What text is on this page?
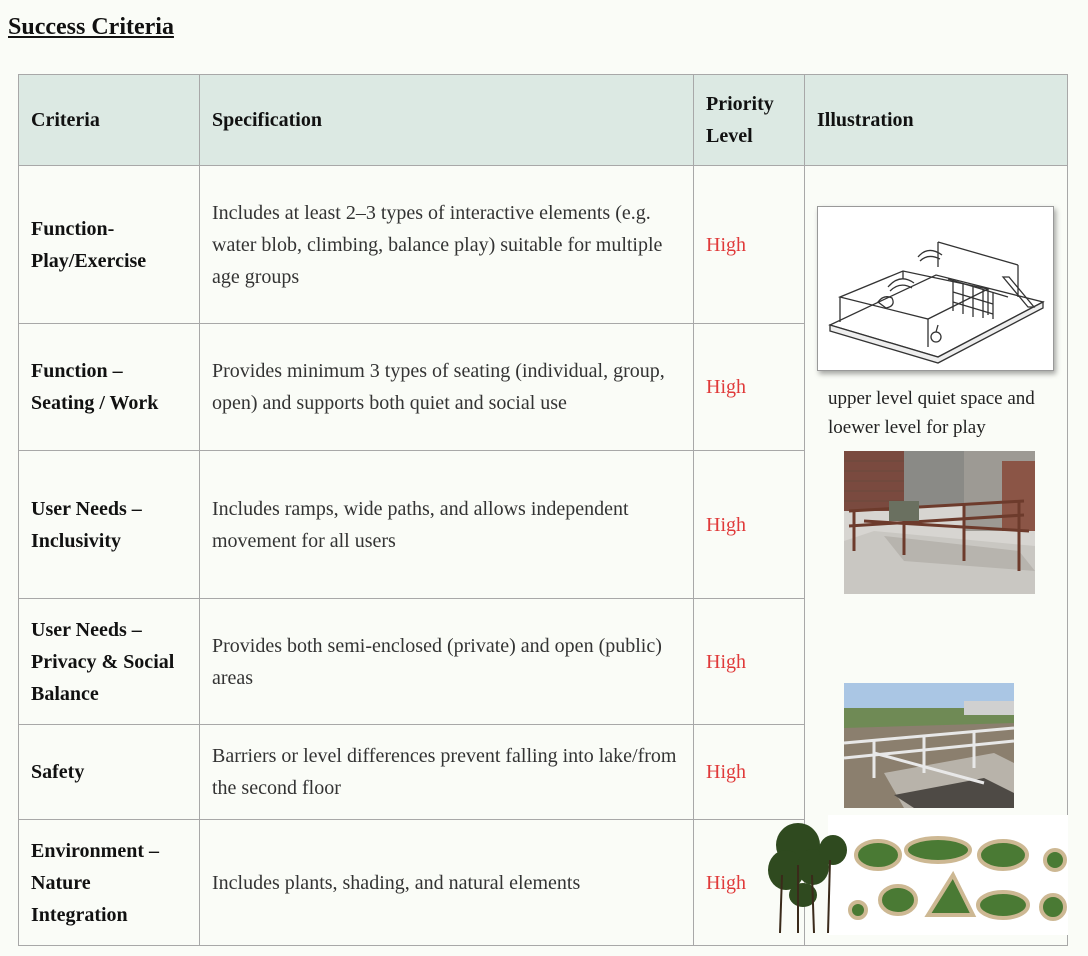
Success Criteria
Criteria	Specification	Priority Level	Illustration
Function- Play/Exercise	Includes at least 2–3 types of interactive elements (e.g. water blob, climbing, balance play) suitable for multiple age groups	High	
Function – Seating / Work	Provides minimum 3 types of seating (individual, group, open) and supports both quiet and social use	High	
User Needs – Inclusivity	Includes ramps, wide paths, and allows independent movement for all users	High	
User Needs – Privacy & Social Balance	Provides both semi-enclosed (private) and open (public) areas	High	
Safety	Barriers or level differences prevent falling into lake/from the second floor	High	
Environment – Nature Integration	Includes plants, shading, and natural elements	High	
upper level quiet space and loewer level for play
